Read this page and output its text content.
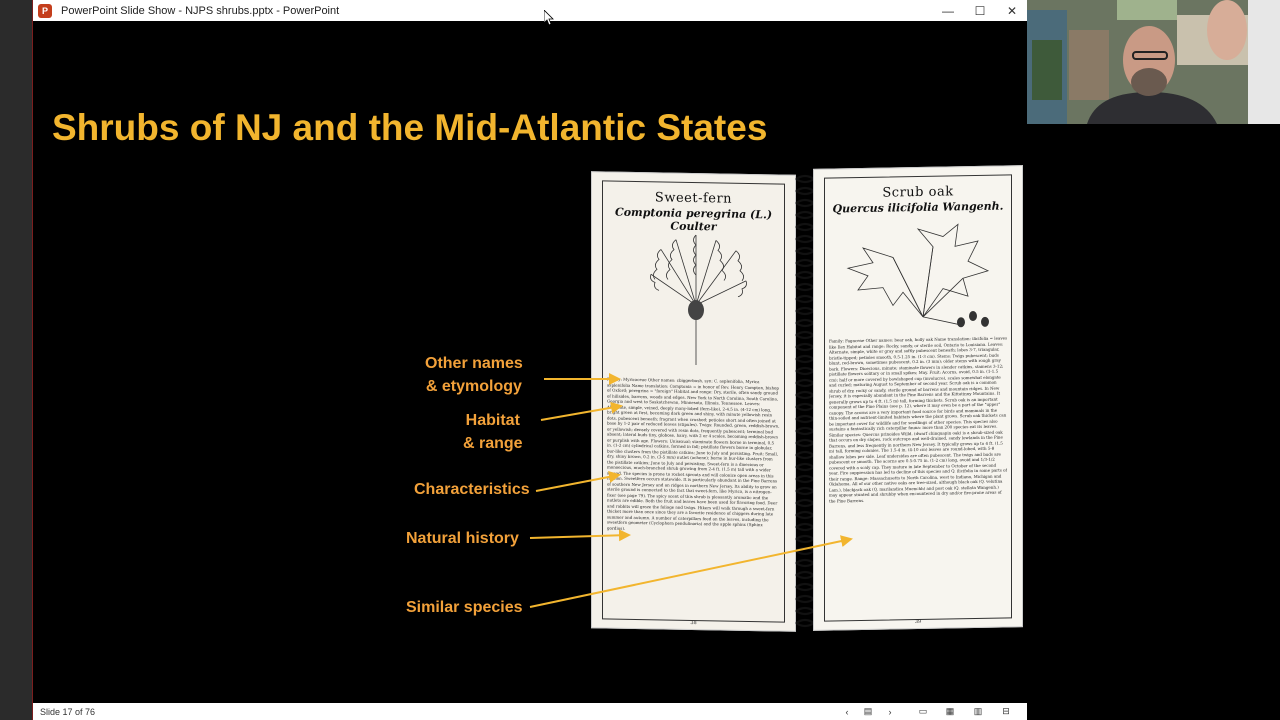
P	PowerPoint Slide Show - NJPS shrubs.pptx - PowerPoint	—	☐	✕
Shrubs of NJ and the Mid-Atlantic States
Other names
& etymology
Habitat
& range
Characteristics
Natural history
Similar species
Sweet-fern
Comptonia peregrina (L.) Coulter
Family: Myricaceae Other names: cbiggerbush, syn: C. asplenifolia, Myrica asplenifolia Name translation: Comptonia = in honor of Rev. Henry Compton, bishop of Oxford; peregrina = "foreign" Habitat and range: Dry, sterile, often sandy ground of hillsides, barrens, woods and edges. New York to North Carolina, South Carolina, Georgia and west to Saskatchewan, Minnesota, Illinois, Tennessee. Leaves: Alternate, simple, veined, deeply many-lobed (fern-like), 2-4.5 in. (4-12 cm) long, bright green at first, becoming dark green and shiny, with minute yellowish resin dots, pubescent beneath; fragrant when crushed; petioles short and often joined at base by 1-2 pair of reduced leaves (stipules). Twigs: Rounded, green, reddish-brown, or yellowish; densely covered with resin dots, frequently pubescent; terminal bud absent; lateral buds tiny, globose, hairy, with 2 or 4 scales, becoming reddish-brown or purplish with age. Flowers: Unisexual; staminate flowers borne in terminal, 0.5 in. (1-2 cm) cylindrical catkins, formed in fall; pistillate flowers borne in globular, bur-like clusters from the pistillate catkins; June to July and persisting. Fruit: Small, dry, shiny brown, 0.2 in. (3-5 mm) nutlet (achene); borne in bur-like clusters from the pistillate catkins; June to July and persisting. Sweet-fern is a dioecious or monoecious, much-branched shrub growing from 2-4 ft. (1.5 m) tall with a wider spread. The species is prone to rocket sprouts and will colonize open areas in this fashion. Sweetfern occurs statewide. It is particularly abundant in the Pine Barrens of southern New Jersey and on ridges in northern New Jersey. Its ability to grow on sterile ground is connected to the fact that sweet-fern, like Myrica, is a nitrogen-fixer (see page 79). The spicy scent of this shrub is pleasantly aromatic and the nutlets are edible. Both the fruit and leaves have been used for flavoring food. Deer and rabbits will graze the foliage and twigs. Hikers will walk through a sweet-fern thicket more than once since they are a favorite residence of chiggers during late summer and autumn. A number of caterpillars feed on the leaves, including the sweetfern geometer (Cyclophora pendulinaria) and the apple sphinx (Sphinx gordius).
38
Scrub oak
Quercus ilicifolia Wangenh.
Family: Fagaceae Other names: bear oak, holly oak Name translation: ilicifolia = leaves like Ilex Habitat and range: Rocky, sandy, or sterile soil, Ontario to Louisiana. Leaves: Alternate, simple, white or gray and softly pubescent beneath; lobes 3-7, triangular, bristle-tipped; petioles smooth, 0.5-1.25 in. (1-3 cm). Stems: Twigs pubescent; buds blunt, red-brown, sometimes pubescent, 0.2 in. (3 mm); older stems with rough gray bark. Flowers: Dioecious, minute; staminate flowers in slender catkins, stamens 3-12; pistillate flowers solitary or in small spikes; May. Fruit: Acorns, ovoid, 0.5 in. (1-1.5 cm); half or more covered by bowlshaped cup (involucre), scales somewhat elongate and curled; maturing August to September of second year. Scrub oak is a common shrub of dry, rocky or sandy, sterile ground of barrens and mountain ridges. In New Jersey, it is especially abundant in the Pine Barrens and the Kittatinny Mountains. It generally grows up to 4 ft. (1.5 m) tall, forming thickets. Scrub oak is an important component of the Pine Plains (see p. 12), where it may even be a part of the "upper" canopy. The acorns are a very important food source for birds and mammals in the thin-soiled and nutrient-limited habitats where the plant grows. Scrub oak thickets can be important cover for wildlife and for seedlings of other species. This species also sustains a fantastically rich caterpillar fauna: more than 200 species eat its leaves. Similar species: Quercus prinoides Willd. (dwarf chinquapin oak) is a shrub-sized oak that occurs on dry slopes, rock outcrops and well-drained, sandy lowlands in the Pine Barrens, and less frequently in northern New Jersey. It typically grows up to 4 ft. (1.5 m) tall, forming colonies. The 1.5-4 in. (4-10 cm) leaves are round-lobed, with 5-8 shallow lobes per side. Leaf undersides are often pubescent. The twigs and buds are pubescent or smooth. The acorns are 0.5-0.75 in. (1-2 cm) long, ovoid and 1/3-1/2 covered with a scaly cap. They mature in late September to October of the second year. Fire suppression has led to decline of this species and Q. ilicifolia in some parts of their range. Range: Massachusetts to North Carolina, west to Indiana, Michigan and Oklahoma. All of our other native oaks are tree-sized, although black oak (Q. velutina Lam.), blackjack oak (Q. marilandica Muenchh) and post oak (Q. stellata Wangenh.) may appear stunted and shrubby when encountered in dry and/or fire-prone areas of the Pine Barrens.
39
Slide 17 of 76	‹	▤	›	▭ ▦ ▥ ⊟
